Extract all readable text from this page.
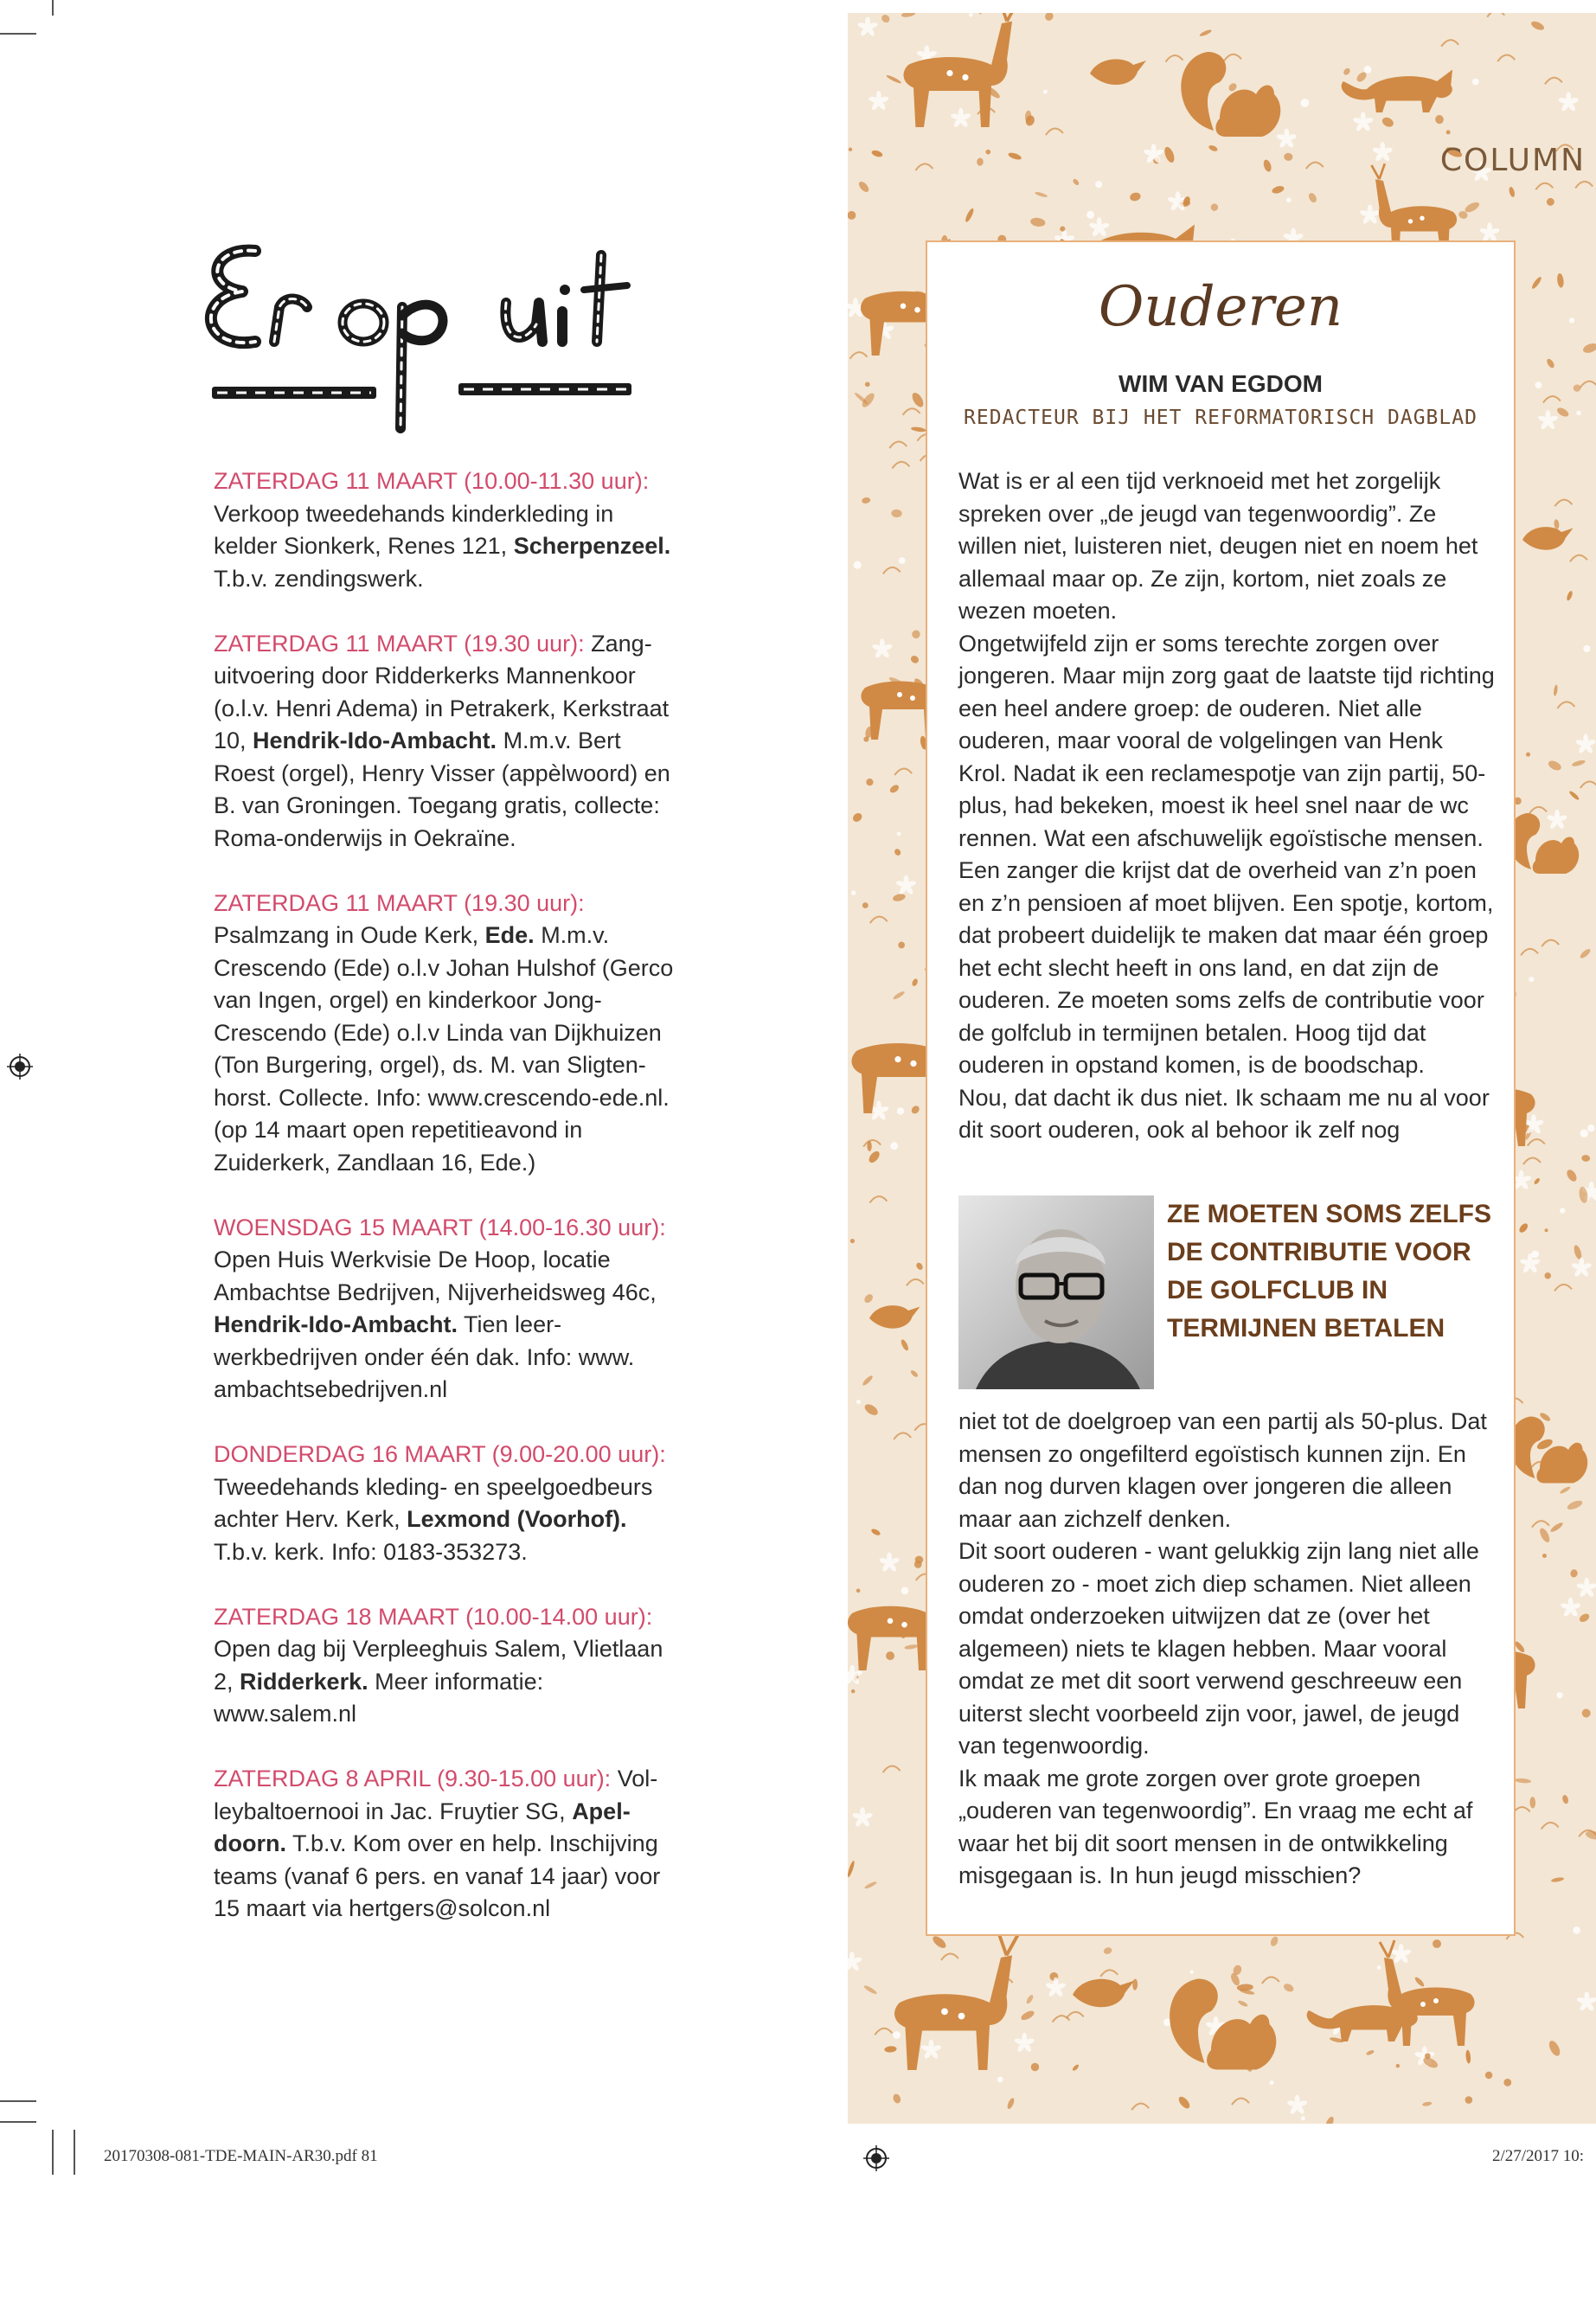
ZATERDAG 11 MAART (10.00-11.30 uur): Verkoop tweedehands kinderkleding in kelder Sionkerk, Renes 121, Scherpenzeel. T.b.v. zendingswerk.
ZATERDAG 11 MAART (19.30 uur): Zanguitvoering door Ridderkerks Mannenkoor (o.l.v. Henri Adema) in Petrakerk, Kerkstraat 10, Hendrik-Ido-Ambacht. M.m.v. Bert Roest (orgel), Henry Visser (appèlwoord) en B. van Groningen. Toegang gratis, collecte: Roma-onderwijs in Oekraïne.
ZATERDAG 11 MAART (19.30 uur): Psalmzang in Oude Kerk, Ede. M.m.v. Crescendo (Ede) o.l.v Johan Hulshof (Gerco van Ingen, orgel) en kinderkoor Jong-Crescendo (Ede) o.l.v Linda van Dijkhuizen (Ton Burgering, orgel), ds. M. van Sligtenhorst. Collecte. Info: www.crescendo-ede.nl. (op 14 maart open repetitieavond in Zuiderkerk, Zandlaan 16, Ede.)
WOENSDAG 15 MAART (14.00-16.30 uur): Open Huis Werkvisie De Hoop, locatie Ambachtse Bedrijven, Nijverheidsweg 46c, Hendrik-Ido-Ambacht. Tien leerwerkbedrijven onder één dak. Info: www. ambachtsebedrijven.nl
DONDERDAG 16 MAART (9.00-20.00 uur): Tweedehands kleding- en speelgoedbeurs achter Herv. Kerk, Lexmond (Voorhof). T.b.v. kerk. Info: 0183-353273.
ZATERDAG 18 MAART (10.00-14.00 uur): Open dag bij Verpleeghuis Salem, Vlietlaan 2, Ridderkerk. Meer informatie: www.salem.nl
ZATERDAG 8 APRIL (9.30-15.00 uur): Volleybaltoernooi in Jac. Fruytier SG, Apeldoorn. T.b.v. Kom over en help. Inschijving teams (vanaf 6 pers. en vanaf 14 jaar) voor 15 maart via hertgers@solcon.nl
COLUMN
Ouderen
WIM VAN EGDOM
REDACTEUR BIJ HET REFORMATORISCH DAGBLAD

Wat is er al een tijd verknoeid met het zorgelijk spreken over „de jeugd van tegenwoordig”. Ze willen niet, luisteren niet, deugen niet en noem het allemaal maar op. Ze zijn, kortom, niet zoals ze wezen moeten.

Ongetwijfeld zijn er soms terechte zorgen over jongeren. Maar mijn zorg gaat de laatste tijd richting een heel andere groep: de ouderen. Niet alle ouderen, maar vooral de volgelingen van Henk Krol. Nadat ik een reclamespotje van zijn partij, 50-plus, had bekeken, moest ik heel snel naar de wc rennen. Wat een afschuwelijk egoïstische mensen. Een zanger die krijst dat de overheid van z’n poen en z’n pensioen af moet blijven. Een spotje, kortom, dat probeert duidelijk te maken dat maar één groep het echt slecht heeft in ons land, en dat zijn de ouderen. Ze moeten soms zelfs de contributie voor de golfclub in termijnen betalen. Hoog tijd dat ouderen in opstand komen, is de boodschap.

Nou, dat dacht ik dus niet. Ik schaam me nu al voor dit soort ouderen, ook al behoor ik zelf nog

ZE MOETEN SOMS ZELFS DE CONTRIBUTIE VOOR DE GOLFCLUB IN TERMIJNEN BETALEN

niet tot de doelgroep van een partij als 50-plus. Dat mensen zo ongefilterd egoïstisch kunnen zijn. En dan nog durven klagen over jongeren die alleen maar aan zichzelf denken.

Dit soort ouderen - want gelukkig zijn lang niet alle ouderen zo - moet zich diep schamen. Niet alleen omdat onderzoeken uitwijzen dat ze (over het algemeen) niets te klagen hebben. Maar vooral omdat ze met dit soort verwend geschreeuw een uiterst slecht voorbeeld zijn voor, jawel, de jeugd van tegenwoordig.

Ik maak me grote zorgen over grote groepen „ouderen van tegenwoordig”. En vraag me echt af waar het bij dit soort mensen in de ontwikkeling misgegaan is. In hun jeugd misschien?

20170308-081-TDE-MAIN-AR30.pdf 81	2/27/2017 10:
